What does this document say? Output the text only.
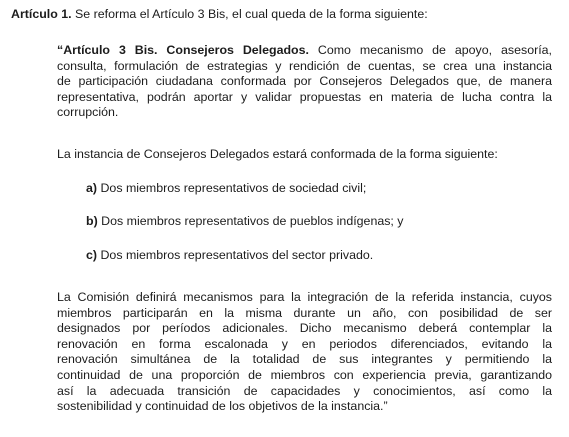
Artículo 1. Se reforma el Artículo 3 Bis, el cual queda de la forma siguiente:
“Artículo 3 Bis. Consejeros Delegados. Como mecanismo de apoyo, asesoría,
consulta, formulación de estrategias y rendición de cuentas, se crea una instancia
de participación ciudadana conformada por Consejeros Delegados que, de manera
representativa, podrán aportar y validar propuestas en materia de lucha contra la
corrupción.
La instancia de Consejeros Delegados estará conformada de la forma siguiente:
a) Dos miembros representativos de sociedad civil;
b) Dos miembros representativos de pueblos indígenas; y
c) Dos miembros representativos del sector privado.
La Comisión definirá mecanismos para la integración de la referida instancia, cuyos
miembros participarán en la misma durante un año, con posibilidad de ser
designados por períodos adicionales. Dicho mecanismo deberá contemplar la
renovación en forma escalonada y en periodos diferenciados, evitando la
renovación simultánea de la totalidad de sus integrantes y permitiendo la
continuidad de una proporción de miembros con experiencia previa, garantizando
así la adecuada transición de capacidades y conocimientos, así como la
sostenibilidad y continuidad de los objetivos de la instancia.”
